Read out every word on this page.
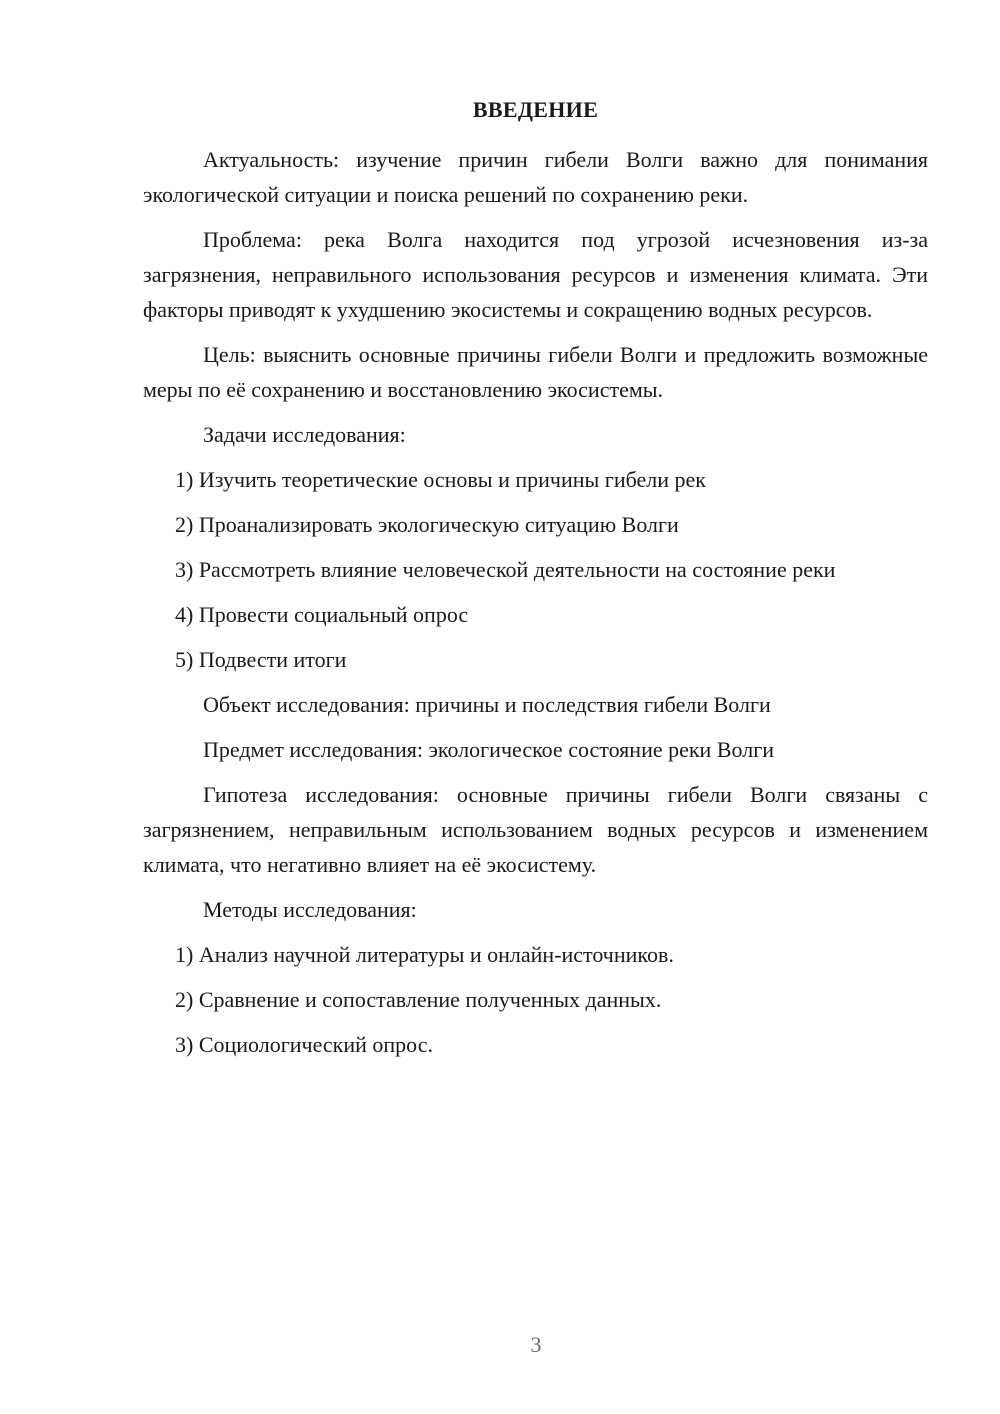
ВВЕДЕНИЕ

Актуальность: изучение причин гибели Волги важно для понимания экологической ситуации и поиска решений по сохранению реки.

Проблема: река Волга находится под угрозой исчезновения из-за загрязнения, неправильного использования ресурсов и изменения климата. Эти факторы приводят к ухудшению экосистемы и сокращению водных ресурсов.

Цель: выяснить основные причины гибели Волги и предложить возможные меры по её сохранению и восстановлению экосистемы.

Задачи исследования:
1) Изучить теоретические основы и причины гибели рек
2) Проанализировать экологическую ситуацию Волги
3) Рассмотреть влияние человеческой деятельности на состояние реки
4) Провести социальный опрос
5) Подвести итоги
Объект исследования: причины и последствия гибели Волги
Предмет исследования: экологическое состояние реки Волги

Гипотеза исследования: основные причины гибели Волги связаны с загрязнением, неправильным использованием водных ресурсов и изменением климата, что негативно влияет на её экосистему.

Методы исследования:
1) Анализ научной литературы и онлайн-источников.
2) Сравнение и сопоставление полученных данных.
3) Социологический опрос.
3
